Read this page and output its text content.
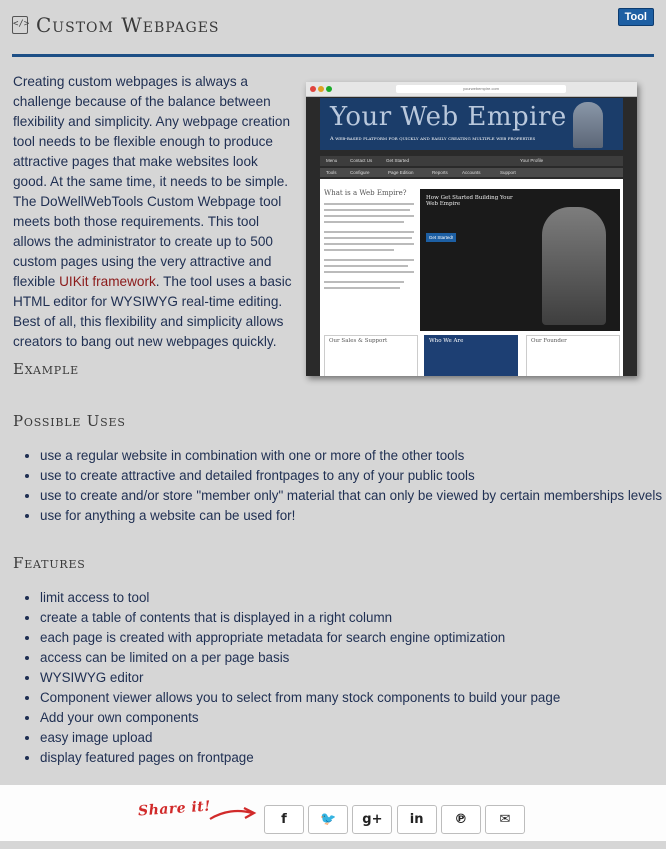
</> Custom Webpages	Tool
Creating custom webpages is always a challenge because of the balance between flexibility and simplicity. Any webpage creation tool needs to be flexible enough to produce attractive pages that make websites look good. At the same time, it needs to be simple. The DoWellWebTools Custom Webpage tool meets both those requirements. This tool allows the administrator to create up to 500 custom pages using the very attractive and flexible UIKit framework. The tool uses a basic HTML editor for WYSIWYG real-time editing. Best of all, this flexibility and simplicity allows creators to bang out new webpages quickly.
yourwebempire.com
Your Web Empire
A web-based platform for quickly and easily creating multiple web properties
Menu	Contact Us	Get Started	Your Profile
Tools	Configure	Page Edition	Reports	Accounts	Support
What is a Web Empire?
How Get Started Building Your Web Empire
Get Started!
Our Sales & Support	Who We Are	Our Founder
Example
Possible Uses
• use a regular website in combination with one or more of the other tools
• use to create attractive and detailed frontpages to any of your public tools
• use to create and/or store "member only" material that can only be viewed by certain memberships levels
• use for anything a website can be used for!
Features
• limit access to tool
• create a table of contents that is displayed in a right column
• each page is created with appropriate metadata for search engine optimization
• access can be limited on a per page basis
• WYSIWYG editor
• Component viewer allows you to select from many stock components to build your page
• Add your own components
• easy image upload
• display featured pages on frontpage
Share it!	f	🐦	g+	in	℗	✉
